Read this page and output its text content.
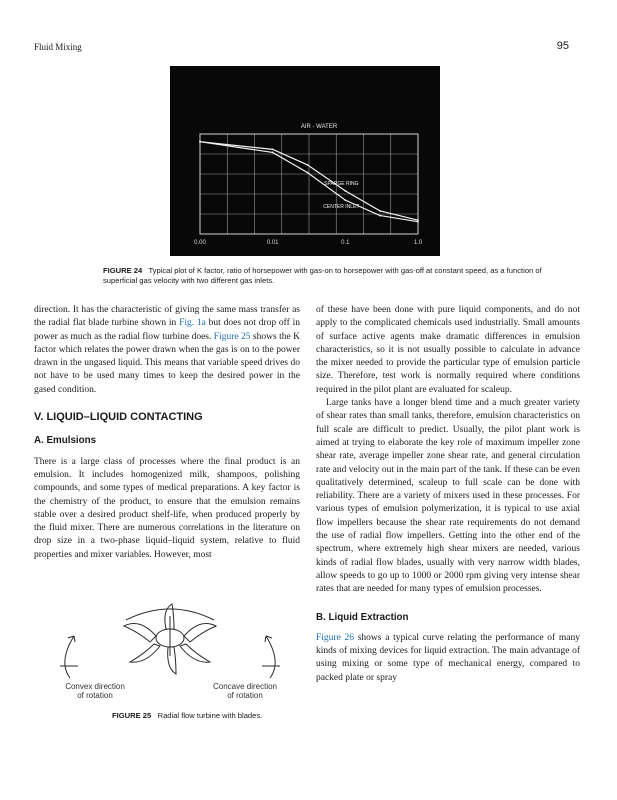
Fluid Mixing	95
AIR - WATER
SPARGE RING
CENTER INLET
0.00	0.01	0.1	1.0
FIGURE 24 Typical plot of K factor, ratio of horsepower with gas-on to horsepower with gas-off at constant speed, as a function of superficial gas velocity with two different gas inlets.

direction. It has the characteristic of giving the same mass transfer as the radial flat blade turbine shown in Fig. 1a but does not drop off in power as much as the radial flow turbine does. Figure 25 shows the K factor which relates the power drawn when the gas is on to the power drawn in the ungased liquid. This means that variable speed drives do not have to be used many times to keep the desired power in the gased condition.

V. LIQUID–LIQUID CONTACTING
A. Emulsions

There is a large class of processes where the final product is an emulsion. It includes homogenized milk, shampoos, polishing compounds, and some types of medical preparations. A key factor is the chemistry of the product, to ensure that the emulsion remains stable over a desired product shelf-life, when produced properly by the fluid mixer. There are numerous correlations in the literature on drop size in a two-phase liquid–liquid system, relative to fluid properties and mixer variables. However, most

Convex direction
of rotation
Concave direction
of rotation
FIGURE 25 Radial flow turbine with blades.

of these have been done with pure liquid components, and do not apply to the complicated chemicals used industrially. Small amounts of surface active agents make dramatic differences in emulsion characteristics, so it is not usually possible to calculate in advance the mixer needed to provide the particular type of emulsion particle size. Therefore, test work is normally required where conditions required in the pilot plant are evaluated for scaleup.

Large tanks have a longer blend time and a much greater variety of shear rates than small tanks, therefore, emulsion characteristics on full scale are difficult to predict. Usually, the pilot plant work is aimed at trying to elaborate the key role of maximum impeller zone shear rate, average impeller zone shear rate, and general circulation rate and velocity out in the main part of the tank. If these can be even qualitatively determined, scaleup to full scale can be done with reliability. There are a variety of mixers used in these processes. For various types of emulsion polymerization, it is typical to use axial flow impellers because the shear rate requirements do not demand the use of radial flow impellers. Getting into the other end of the spectrum, where extremely high shear mixers are needed, various kinds of radial flow blades, usually with very narrow width blades, allow speeds to go up to 1000 or 2000 rpm giving very intense shear rates that are needed for many types of emulsion processes.

B. Liquid Extraction

Figure 26 shows a typical curve relating the performance of many kinds of mixing devices for liquid extraction. The main advantage of using mixing or some type of mechanical energy, compared to packed plate or spray
